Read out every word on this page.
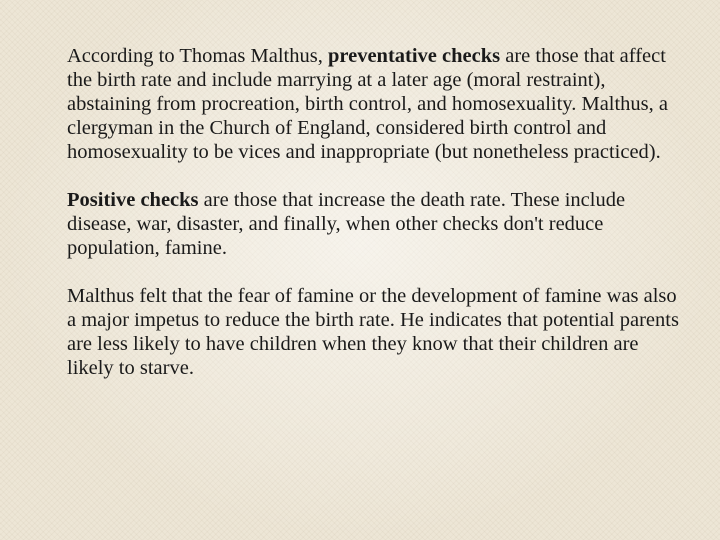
According to Thomas Malthus, preventative checks are those that affect the birth rate and include marrying at a later age (moral restraint), abstaining from procreation, birth control, and homosexuality. Malthus, a clergyman in the Church of England, considered birth control and homosexuality to be vices and inappropriate (but nonetheless practiced).

Positive checks are those that increase the death rate. These include disease, war, disaster, and finally, when other checks don't reduce population, famine.

Malthus felt that the fear of famine or the development of famine was also a major impetus to reduce the birth rate. He indicates that potential parents are less likely to have children when they know that their children are likely to starve.
